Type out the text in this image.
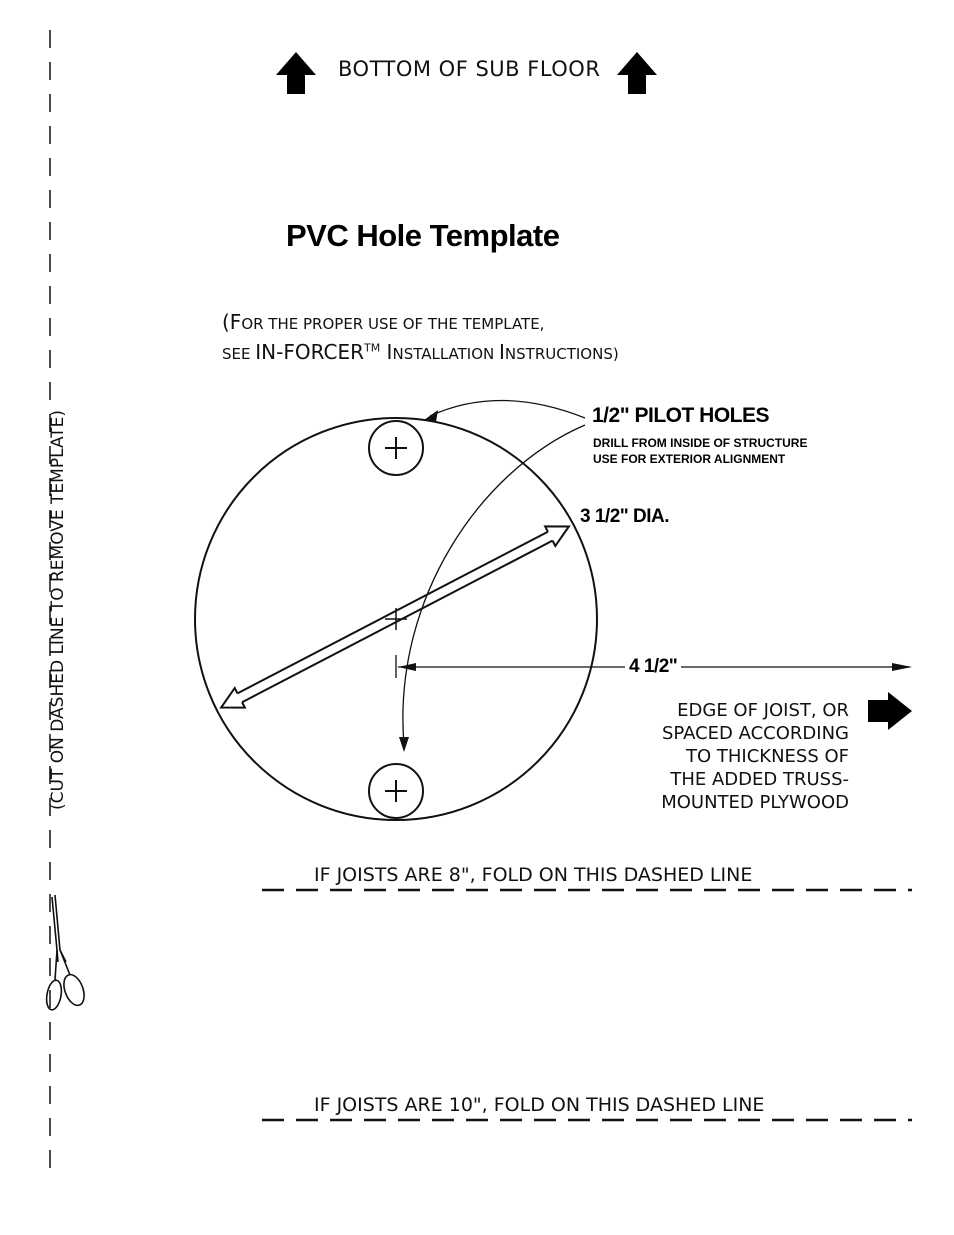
BOTTOM OF SUB FLOOR
PVC Hole Template
(FOR THE PROPER USE OF THE TEMPLATE,
SEE IN-FORCER™ INSTALLATION INSTRUCTIONS)
1/2" PILOT HOLES
DRILL FROM INSIDE OF STRUCTURE
USE FOR EXTERIOR ALIGNMENT
3 1/2" DIA.
4 1/2"
EDGE OF JOIST, OR
SPACED ACCORDING
TO THICKNESS OF
THE ADDED TRUSS-
MOUNTED PLYWOOD
IF JOISTS ARE 8", FOLD ON THIS DASHED LINE
IF JOISTS ARE 10", FOLD ON THIS DASHED LINE
(CUT ON DASHED LINE TO REMOVE TEMPLATE)
